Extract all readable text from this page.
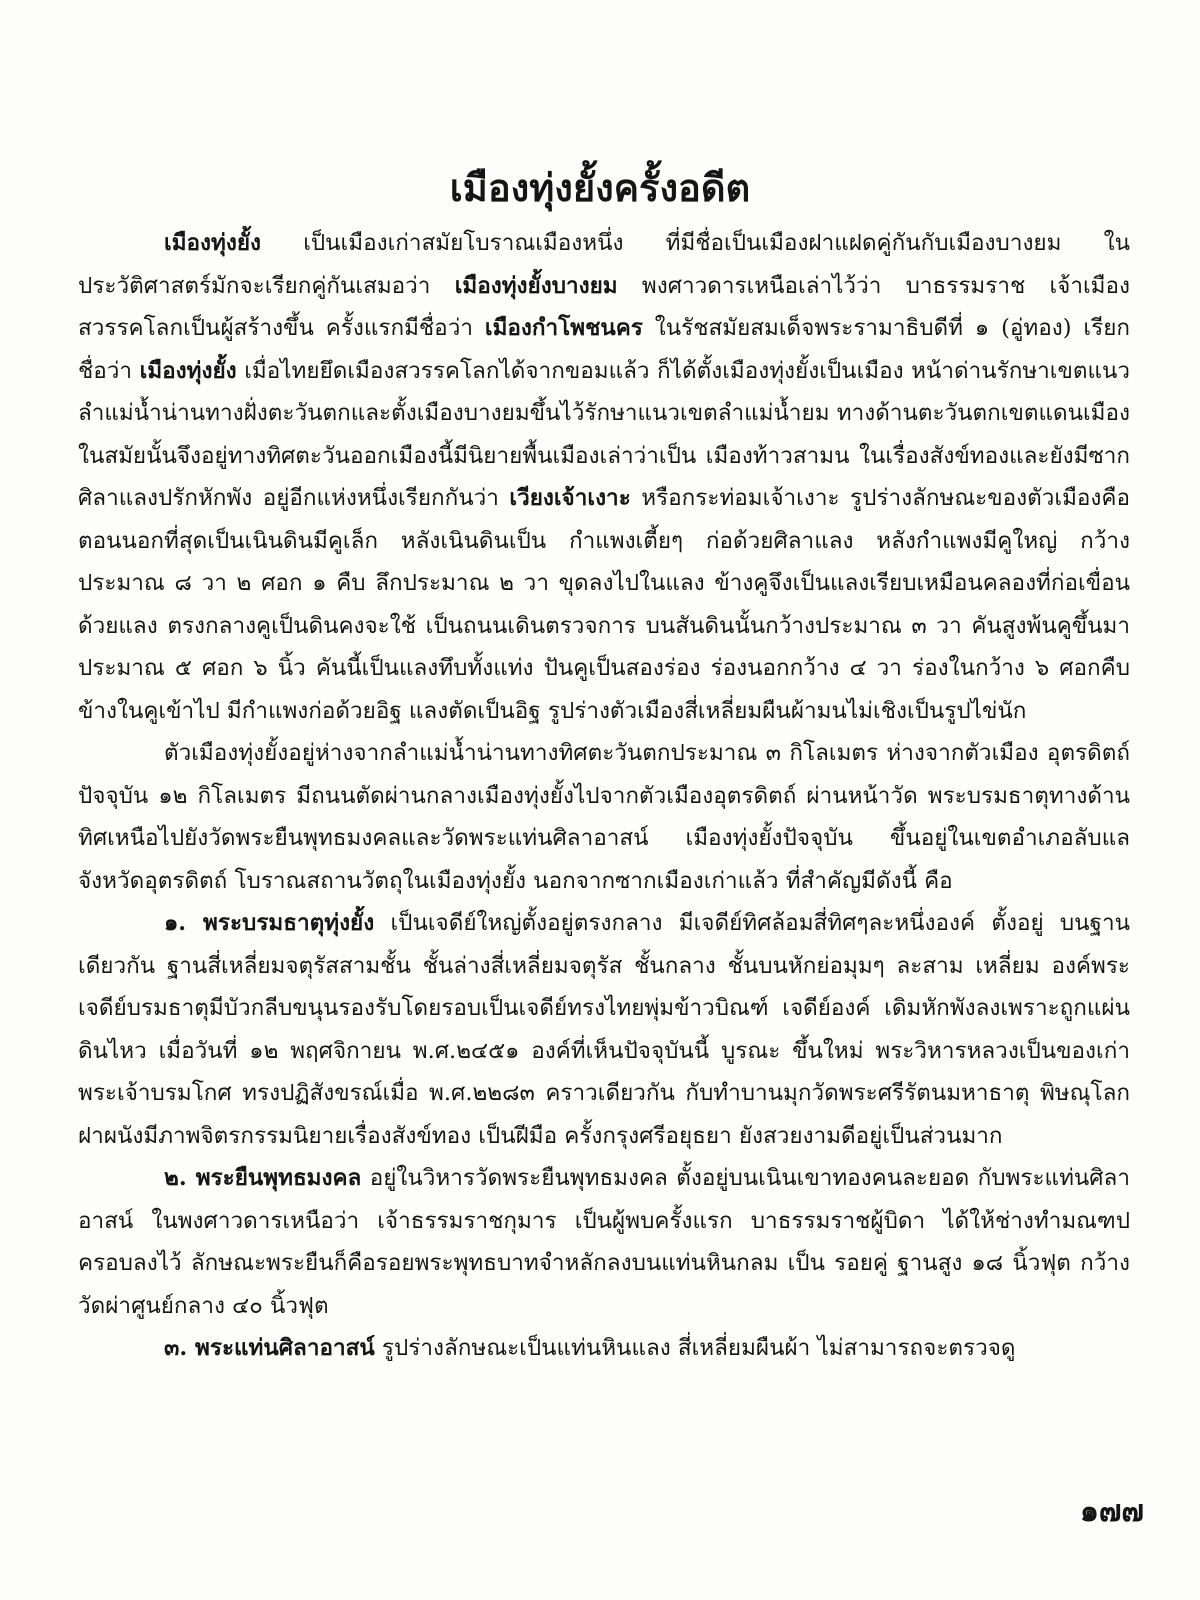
เมืองทุ่งยั้งครั้งอดีต

เมืองทุ่งยั้ง เป็นเมืองเก่าสมัยโบราณเมืองหนึ่ง ที่มีชื่อเป็นเมืองฝาแฝดคู่กันกับเมืองบางยม ในประวัติศาสตร์มักจะเรียกคู่กันเสมอว่า เมืองทุ่งยั้งบางยม พงศาวดารเหนือเล่าไว้ว่า บาธรรมราช เจ้าเมืองสวรรคโลกเป็นผู้สร้างขึ้น ครั้งแรกมีชื่อว่า เมืองกำโพชนคร ในรัชสมัยสมเด็จพระรามาธิบดีที่ ๑ (อู่ทอง) เรียกชื่อว่า เมืองทุ่งยั้ง เมื่อไทยยึดเมืองสวรรคโลกได้จากขอมแล้ว ก็ได้ตั้งเมืองทุ่งยั้งเป็นเมือง หน้าด่านรักษาเขตแนวลำแม่น้ำน่านทางฝั่งตะวันตกและตั้งเมืองบางยมขึ้นไว้รักษาแนวเขตลำแม่น้ำยม ทางด้านตะวันตกเขตแดนเมืองในสมัยนั้นจึงอยู่ทางทิศตะวันออกเมืองนี้มีนิยายพื้นเมืองเล่าว่าเป็น เมืองท้าวสามน ในเรื่องสังข์ทองและยังมีซากศิลาแลงปรักหักพัง อยู่อีกแห่งหนึ่งเรียกกันว่า เวียงเจ้าเงาะ หรือกระท่อมเจ้าเงาะ รูปร่างลักษณะของตัวเมืองคือตอนนอกที่สุดเป็นเนินดินมีคูเล็ก หลังเนินดินเป็น กำแพงเตี้ยๆ ก่อด้วยศิลาแลง หลังกำแพงมีคูใหญ่ กว้างประมาณ ๘ วา ๒ ศอก ๑ คืบ ลึกประมาณ ๒ วา ขุดลงไปในแลง ข้างคูจึงเป็นแลงเรียบเหมือนคลองที่ก่อเขื่อนด้วยแลง ตรงกลางคูเป็นดินคงจะใช้ เป็นถนนเดินตรวจการ บนสันดินนั้นกว้างประมาณ ๓ วา คันสูงพ้นคูขึ้นมาประมาณ ๕ ศอก ๖ นิ้ว คันนี้เป็นแลงทึบทั้งแท่ง ปันคูเป็นสองร่อง ร่องนอกกว้าง ๔ วา ร่องในกว้าง ๖ ศอกคืบ ข้างในคูเข้าไป มีกำแพงก่อด้วยอิฐ แลงตัดเป็นอิฐ รูปร่างตัวเมืองสี่เหลี่ยมผืนผ้ามนไม่เชิงเป็นรูปไข่นัก

ตัวเมืองทุ่งยั้งอยู่ห่างจากลำแม่น้ำน่านทางทิศตะวันตกประมาณ ๓ กิโลเมตร ห่างจากตัวเมือง อุตรดิตถ์ปัจจุบัน ๑๒ กิโลเมตร มีถนนตัดผ่านกลางเมืองทุ่งยั้งไปจากตัวเมืองอุตรดิตถ์ ผ่านหน้าวัด พระบรมธาตุทางด้านทิศเหนือไปยังวัดพระยืนพุทธมงคลและวัดพระแท่นศิลาอาสน์ เมืองทุ่งยั้งปัจจุบัน ขึ้นอยู่ในเขตอำเภอลับแล จังหวัดอุตรดิตถ์ โบราณสถานวัตถุในเมืองทุ่งยั้ง นอกจากซากเมืองเก่าแล้ว ที่สำคัญมีดังนี้ คือ

๑. พระบรมธาตุทุ่งยั้ง เป็นเจดีย์ใหญ่ตั้งอยู่ตรงกลาง มีเจดีย์ทิศล้อมสี่ทิศๆละหนึ่งองค์ ตั้งอยู่ บนฐานเดียวกัน ฐานสี่เหลี่ยมจตุรัสสามชั้น ชั้นล่างสี่เหลี่ยมจตุรัส ชั้นกลาง ชั้นบนหักย่อมุมๆ ละสาม เหลี่ยม องค์พระเจดีย์บรมธาตุมีบัวกลีบขนุนรองรับโดยรอบเป็นเจดีย์ทรงไทยพุ่มข้าวบิณฑ์ เจดีย์องค์ เดิมหักพังลงเพราะถูกแผ่นดินไหว เมื่อวันที่ ๑๒ พฤศจิกายน พ.ศ.๒๔๕๑ องค์ที่เห็นปัจจุบันนี้ บูรณะ ขึ้นใหม่ พระวิหารหลวงเป็นของเก่า พระเจ้าบรมโกศ ทรงปฏิสังขรณ์เมื่อ พ.ศ.๒๒๘๓ คราวเดียวกัน กับทำบานมุกวัดพระศรีรัตนมหาธาตุ พิษณุโลก ฝาผนังมีภาพจิตรกรรมนิยายเรื่องสังข์ทอง เป็นฝีมือ ครั้งกรุงศรีอยุธยา ยังสวยงามดีอยู่เป็นส่วนมาก

๒. พระยืนพุทธมงคล อยู่ในวิหารวัดพระยืนพุทธมงคล ตั้งอยู่บนเนินเขาทองคนละยอด กับพระแท่นศิลาอาสน์ ในพงศาวดารเหนือว่า เจ้าธรรมราชกุมาร เป็นผู้พบครั้งแรก บาธรรมราชผู้บิดา ได้ให้ช่างทำมณฑปครอบลงไว้ ลักษณะพระยืนก็คือรอยพระพุทธบาทจำหลักลงบนแท่นหินกลม เป็น รอยคู่ ฐานสูง ๑๘ นิ้วฟุต กว้างวัดผ่าศูนย์กลาง ๔๐ นิ้วฟุต

๓. พระแท่นศิลาอาสน์ รูปร่างลักษณะเป็นแท่นหินแลง สี่เหลี่ยมผืนผ้า ไม่สามารถจะตรวจดู

๑๗๗
